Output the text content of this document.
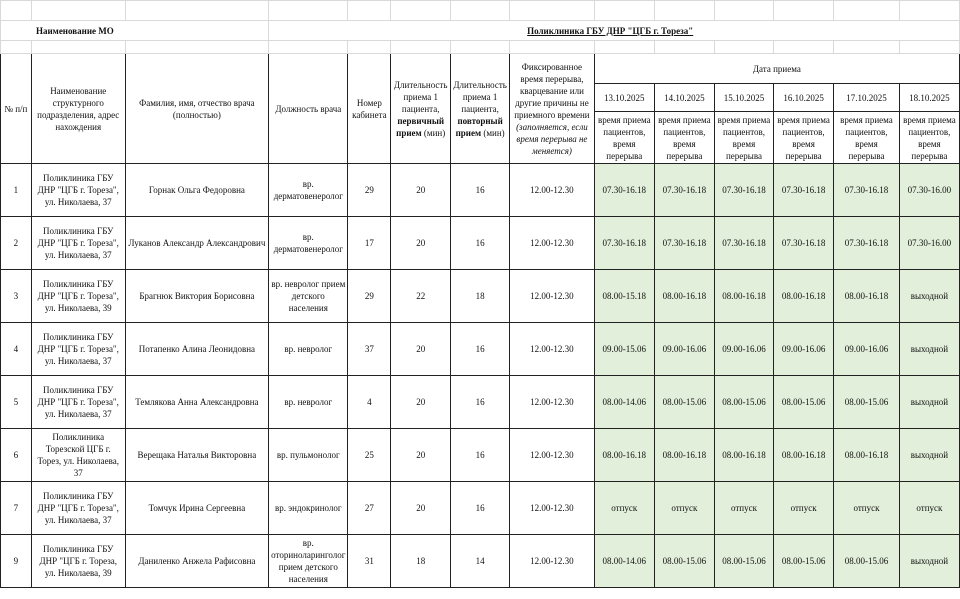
Наименование МО			Поликлиника ГБУ ДНР "ЦГБ г. Тореза"										

№ п/п	Наименование структурного подразделения, адрес нахождения	Фамилия, имя, отчество врача (полностью)	Должность врача	Номер кабинета	Длительность приема 1 пациента, первичный прием (мин)	Длительность приема 1 пациента, повторный прием (мин)	Фиксированное время перерыва, кварцевание или другие причины не приемного времени (заполняется, если время перерыва не меняется)	Дата приема					
								13.10.2025	14.10.2025	15.10.2025	16.10.2025	17.10.2025	18.10.2025
								время приема пациентов, время перерыва	время приема пациентов, время перерыва	время приема пациентов, время перерыва	время приема пациентов, время перерыва	время приема пациентов, время перерыва	время приема пациентов, время перерыва
1	Поликлиника ГБУ ДНР "ЦГБ г. Тореза", ул. Николаева, 37	Горнак Ольга Федоровна	вр. дерматовенеролог	29	20	16	12.00-12.30	07.30-16.18	07.30-16.18	07.30-16.18	07.30-16.18	07.30-16.18	07.30-16.00
2	Поликлиника ГБУ ДНР "ЦГБ г. Тореза", ул. Николаева, 37	Луканов Александр Александрович	вр. дерматовенеролог	17	20	16	12.00-12.30	07.30-16.18	07.30-16.18	07.30-16.18	07.30-16.18	07.30-16.18	07.30-16.00
3	Поликлиника ГБУ ДНР "ЦГБ г. Тореза", ул. Николаева, 39	Брагнюк Виктория Борисовна	вр. невролог прием детского населения	29	22	18	12.00-12.30	08.00-15.18	08.00-16.18	08.00-16.18	08.00-16.18	08.00-16.18	выходной
4	Поликлиника ГБУ ДНР "ЦГБ г. Тореза", ул. Николаева, 37	Потапенко Алина Леонидовна	вр. невролог	37	20	16	12.00-12.30	09.00-15.06	09.00-16.06	09.00-16.06	09.00-16.06	09.00-16.06	выходной
5	Поликлиника ГБУ ДНР "ЦГБ г. Тореза", ул. Николаева, 37	Темлякова Анна Александровна	вр. невролог	4	20	16	12.00-12.30	08.00-14.06	08.00-15.06	08.00-15.06	08.00-15.06	08.00-15.06	выходной
6	Поликлиника Торезской ЦГБ г. Торез, ул. Николаева, 37	Верещака Наталья Викторовна	вр. пульмонолог	25	20	16	12.00-12.30	08.00-16.18	08.00-16.18	08.00-16.18	08.00-16.18	08.00-16.18	выходной
7	Поликлиника ГБУ ДНР "ЦГБ г. Тореза", ул. Николаева, 37	Томчук Ирина Сергеевна	вр. эндокринолог	27	20	16	12.00-12.30	отпуск	отпуск	отпуск	отпуск	отпуск	отпуск
9	Поликлиника ГБУ ДНР "ЦГБ г. Тореза, ул. Николаева, 39	Даниленко Анжела Рафисовна	вр. оториноларинголог прием детского населения	31	18	14	12.00-12.30	08.00-14.06	08.00-15.06	08.00-15.06	08.00-15.06	08.00-15.06	выходной
